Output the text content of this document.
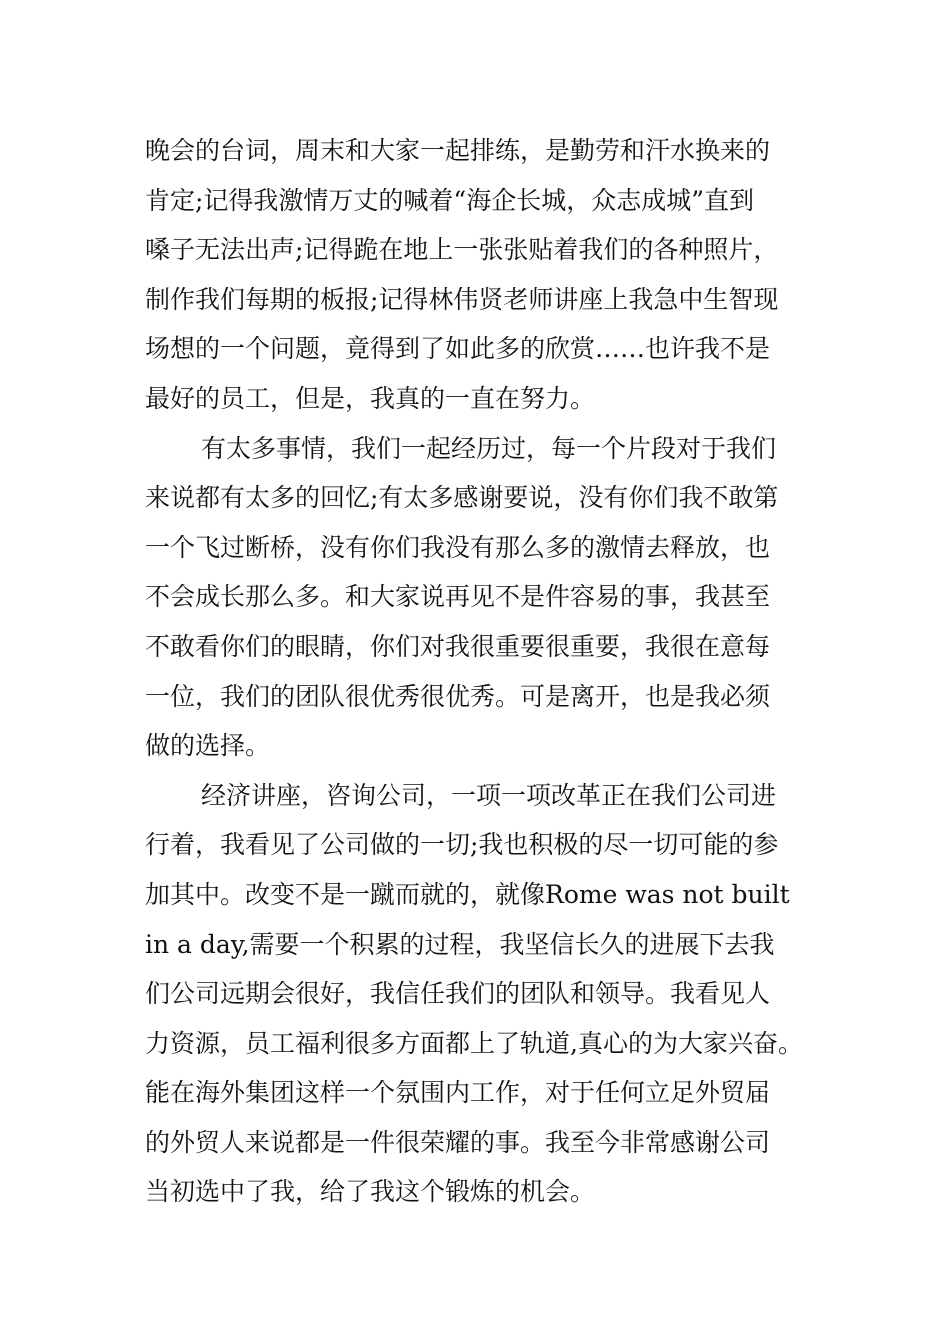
晚会的台词，周末和大家一起排练，是勤劳和汗水换来的
肯定;记得我激情万丈的喊着“海企长城，众志成城”直到
嗓子无法出声;记得跪在地上一张张贴着我们的各种照片，
制作我们每期的板报;记得林伟贤老师讲座上我急中生智现
场想的一个问题，竟得到了如此多的欣赏……也许我不是
最好的员工，但是，我真的一直在努力。
有太多事情，我们一起经历过，每一个片段对于我们
来说都有太多的回忆;有太多感谢要说，没有你们我不敢第
一个飞过断桥，没有你们我没有那么多的激情去释放，也
不会成长那么多。和大家说再见不是件容易的事，我甚至
不敢看你们的眼睛，你们对我很重要很重要，我很在意每
一位，我们的团队很优秀很优秀。可是离开，也是我必须
做的选择。
经济讲座，咨询公司，一项一项改革正在我们公司进
行着，我看见了公司做的一切;我也积极的尽一切可能的参
加其中。改变不是一蹴而就的，就像Rome was not built
in a day,需要一个积累的过程，我坚信长久的进展下去我
们公司远期会很好，我信任我们的团队和领导。我看见人
力资源，员工福利很多方面都上了轨道,真心的为大家兴奋。
能在海外集团这样一个氛围内工作，对于任何立足外贸届
的外贸人来说都是一件很荣耀的事。我至今非常感谢公司
当初选中了我，给了我这个锻炼的机会。
